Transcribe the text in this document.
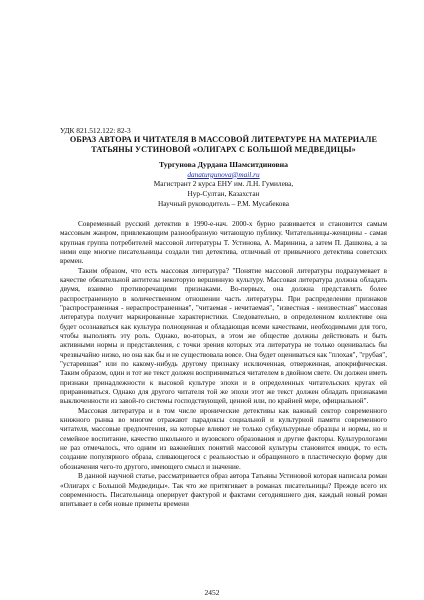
УДК 821.512.122: 82-3

ОБРАЗ АВТОРА И ЧИТАТЕЛЯ В МАССОВОЙ ЛИТЕРАТУРЕ НА МАТЕРИАЛЕ ТАТЬЯНЫ УСТИНОВОЙ «ОЛИГАРХ С БОЛЬШОЙ МЕДВЕДИЦЫ»

Тургунова Дурдана Шамситдиновна

danaturgunova@mail.ru

Магистрант 2 курса ЕНУ им. Л.Н. Гумилева,

Нур-Султан, Казахстан

Научный руководитель – Р.М. Мусабекова

Современный русский детектив в 1990-е-нач. 2000-х бурно развивается и становится самым массовым жанром, привлекающим разнообразную читающую публику. Читательницы-женщины - самая крупная группа потребителей массовой литературы Т. Устинова, А. Маринина, а затем П. Дашкова, а за ними еще многие писательницы создали тип детектива, отличный от привычного детектива советских времен.

Таким образом, что есть массовая литература? "Понятие массовой литературы подразумевает в качестве обязательной антитезы некоторую вершинную культуру. Массовая литература должна обладать двумя, взаимно противоречащими признаками. Во-первых, она должна представлять более распространенную в количественном отношении часть литературы. При распределении признаков "распространенная - нераспространенная", "читаемая - нечитаемая", "известная - неизвестная" массовая литература получит маркированные характеристики. Следовательно, в определенном коллективе она будет осознаваться как культура полноценная и обладающая всеми качествами, необходимыми для того, чтобы выполнять эту роль. Однако, во-вторых, в этом же обществе должны действовать и быть активными нормы и представления, с точки зрения которых эта литература не только оценивалась бы чрезвычайно низко, но она как бы и не существовала вовсе. Она будет оцениваться как "плохая", "грубая", "устаревшая" или по какому-нибудь другому признаку исключенная, отверженная, апокрифическая. Таким образом, один и тот же текст должен восприниматься читателем в двойном свете. Он должен иметь признаки принадлежности к высокой культуре эпохи и в определенных читательских кругах ей приравниваться. Однако для другого читателя той же эпохи этот же текст должен обладать признаками выключенности из завой-го системы господствующей, ценной или, по крайней мере, официальной".

Массовая литература и в том числе иронические детективы как важный сектор современного книжного рынка во многом отражают парадоксы социальной и культурной памяти современного читателя, массовые предпочтения, на которые влияют не только субкультурные образцы и нормы, но и семейное воспитание, качество школьного и вузовского образования и другие факторы. Культурологами не раз отмечалось, что одним из важнейших понятий массовой культуры становится имидж, то есть создание популярного образа, сливающегося с реальностью и обращенного в пластическую форму для обозначения чего-то другого, имеющего смысл и значение.

В данной научной статье, рассматривается образ автора Татьяны Устиновой которая написала роман «Олигарх с Большой Медведицы». Так что же притягивает в романах писательницы? Прежде всего их современность. Писательница оперирует фактурой и фактами сегодняшнего дня, каждый новый роман впитывает в себя новые приметы времени

2452
